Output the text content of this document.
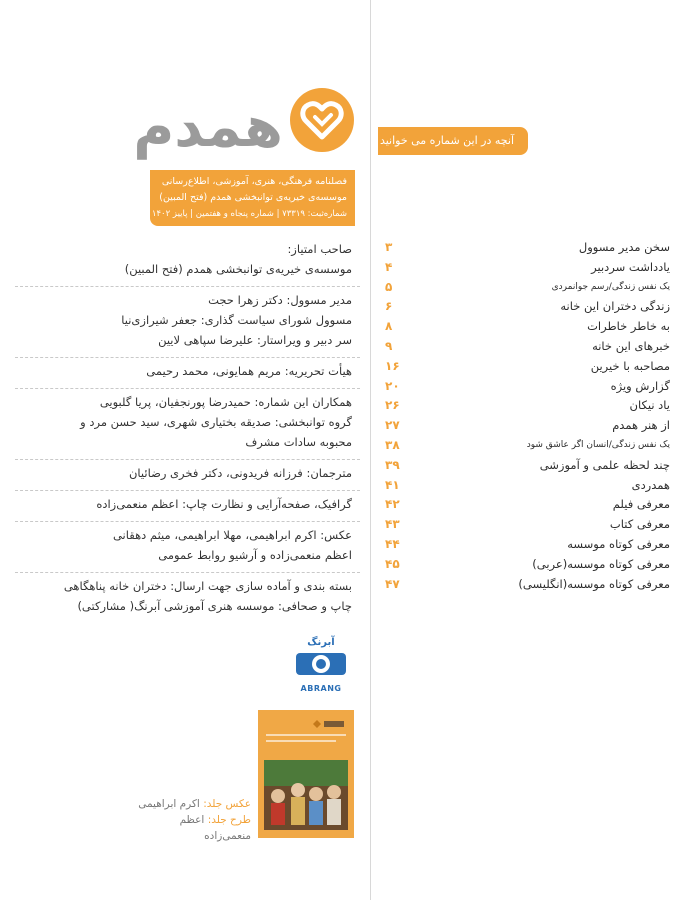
همدم
فصلنامه فرهنگی، هنری، آموزشی، اطلاع‌رسانی
موسسه‌ی خیریه‌ی توانبخشی همدم (فتح المبین)
شماره‌ثبت: ۷۳۳۱۹ | شماره پنجاه و هفتمین | پاییز ۱۴۰۲
صاحب امتیاز:
موسسه‌ی خیریه‌ی توانبخشی همدم (فتح المبین)
مدیر مسوول: دکتر زهرا حجت
مسوول شورای سیاست گذاری: جعفر شیرازی‌نیا
سر دبیر و ویراستار: علیرضا سپاهی لایین
هیأت تحریریه: مریم همایونی، محمد رحیمی
همکاران این شماره: حمیدرضا پورنجفیان، پریا گلبویی
گروه توانبخشی: صدیقه بختیاری شهری، سید حسن مرد و
محبوبه سادات مشرف
مترجمان: فرزانه فریدونی، دکتر فخری رضائیان
گرافیک، صفحه‌آرایی و نظارت چاپ: اعظم منعمی‌زاده
عکس: اکرم ابراهیمی، مهلا ابراهیمی، میثم دهقانی
اعظم منعمی‌زاده و آرشیو روابط عمومی
بسته بندی و آماده سازی جهت ارسال: دختران خانه پناهگاهی
چاپ و صحافی: موسسه هنری آموزشی آبرنگ( مشارکتی)
آبرنگ
ABRANG
عکس جلد: اکرم ابراهیمی
طرح جلد: اعظم منعمی‌زاده
آنچه در این شماره می خوانید
سخن مدیر مسوول
۳
یادداشت سردبیر
۴
یک نفس زندگی/رسم جوانمردی
۵
زندگی دختران این خانه
۶
به خاطر خاطرات
۸
خبرهای این خانه
۹
مصاحبه با خیرین
۱۶
گزارش ویژه
۲۰
یاد نیکان
۲۶
از هنر همدم
۲۷
یک نفس زندگی/انسان اگر عاشق شود
۳۸
چند لحظه علمی و آموزشی
۳۹
همدردی
۴۱
معرفی فیلم
۴۲
معرفی کتاب
۴۳
معرفی کوتاه موسسه
۴۴
معرفی کوتاه موسسه(عربی)
۴۵
معرفی کوتاه موسسه(انگلیسی)
۴۷
